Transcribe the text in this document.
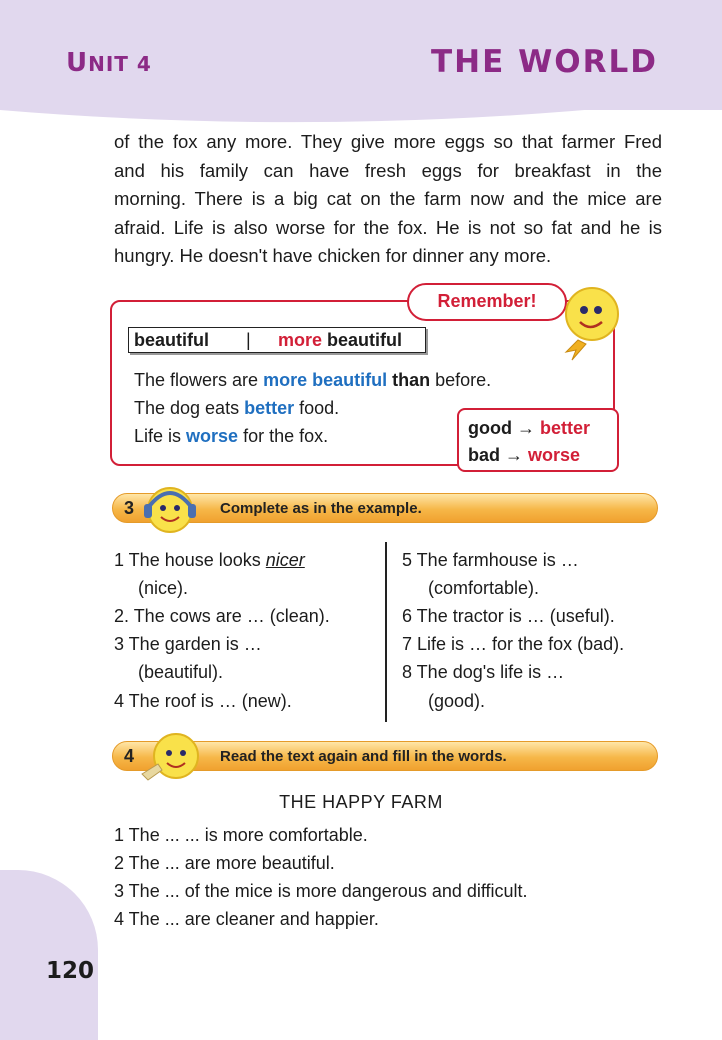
UNIT 4	THE WORLD
of the fox any more. They give more eggs so that farmer Fred
and his family can have fresh eggs for breakfast in the
morning. There is a big cat on the farm now and the mice are
afraid. Life is also worse for the fox. He is not so fat and he is
hungry. He doesn't have chicken for dinner any more.
Remember!
beautiful | more beautiful
The flowers are more beautiful than before.
The dog eats better food.
Life is worse for the fox.	good → better
bad → worse
3	Complete as in the example.
1 The house looks nicer
(nice).
2. The cows are … (clean).
3 The garden is …
(beautiful).
4 The roof is … (new).
5 The farmhouse is …
(comfortable).
6 The tractor is … (useful).
7 Life is … for the fox (bad).
8 The dog's life is …
(good).
4	Read the text again and fill in the words.
THE HAPPY FARM
1 The ... ... is more comfortable.
2 The ... are more beautiful.
3 The ... of the mice is more dangerous and difficult.
4 The ... are cleaner and happier.
120
